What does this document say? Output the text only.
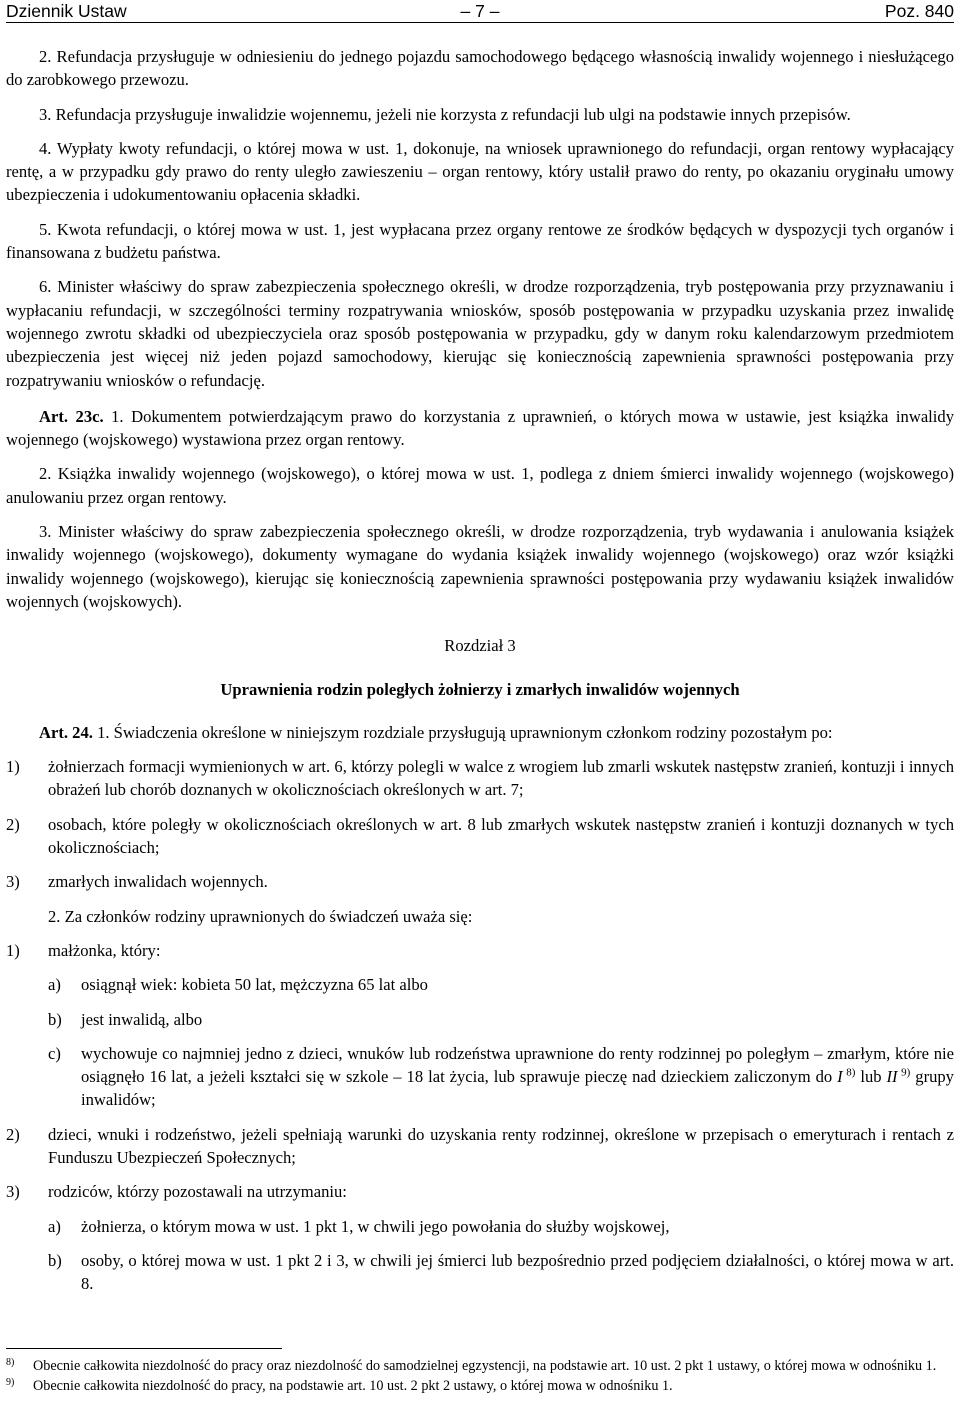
Dziennik Ustaw	– 7 –	Poz. 840

2. Refundacja przysługuje w odniesieniu do jednego pojazdu samochodowego będącego własnością inwalidy wojennego i niesłużącego do zarobkowego przewozu.

3. Refundacja przysługuje inwalidzie wojennemu, jeżeli nie korzysta z refundacji lub ulgi na podstawie innych przepisów.

4. Wypłaty kwoty refundacji, o której mowa w ust. 1, dokonuje, na wniosek uprawnionego do refundacji, organ rentowy wypłacający rentę, a w przypadku gdy prawo do renty uległo zawieszeniu – organ rentowy, który ustalił prawo do renty, po okazaniu oryginału umowy ubezpieczenia i udokumentowaniu opłacenia składki.

5. Kwota refundacji, o której mowa w ust. 1, jest wypłacana przez organy rentowe ze środków będących w dyspozycji tych organów i finansowana z budżetu państwa.

6. Minister właściwy do spraw zabezpieczenia społecznego określi, w drodze rozporządzenia, tryb postępowania przy przyznawaniu i wypłacaniu refundacji, w szczególności terminy rozpatrywania wniosków, sposób postępowania w przypadku uzyskania przez inwalidę wojennego zwrotu składki od ubezpieczyciela oraz sposób postępowania w przypadku, gdy w danym roku kalendarzowym przedmiotem ubezpieczenia jest więcej niż jeden pojazd samochodowy, kierując się koniecznością zapewnienia sprawności postępowania przy rozpatrywaniu wniosków o refundację.

Art. 23c. 1. Dokumentem potwierdzającym prawo do korzystania z uprawnień, o których mowa w ustawie, jest książka inwalidy wojennego (wojskowego) wystawiona przez organ rentowy.

2. Książka inwalidy wojennego (wojskowego), o której mowa w ust. 1, podlega z dniem śmierci inwalidy wojennego (wojskowego) anulowaniu przez organ rentowy.

3. Minister właściwy do spraw zabezpieczenia społecznego określi, w drodze rozporządzenia, tryb wydawania i anulowania książek inwalidy wojennego (wojskowego), dokumenty wymagane do wydania książek inwalidy wojennego (wojskowego) oraz wzór książki inwalidy wojennego (wojskowego), kierując się koniecznością zapewnienia sprawności postępowania przy wydawaniu książek inwalidów wojennych (wojskowych).

Rozdział 3

Uprawnienia rodzin poległych żołnierzy i zmarłych inwalidów wojennych

Art. 24. 1. Świadczenia określone w niniejszym rozdziale przysługują uprawnionym członkom rodziny pozostałym po:

1)	żołnierzach formacji wymienionych w art. 6, którzy polegli w walce z wrogiem lub zmarli wskutek następstw zranień, kontuzji i innych obrażeń lub chorób doznanych w okolicznościach określonych w art. 7;
2)	osobach, które poległy w okolicznościach określonych w art. 8 lub zmarłych wskutek następstw zranień i kontuzji doznanych w tych okolicznościach;
3)	zmarłych inwalidach wojennych.

2. Za członków rodziny uprawnionych do świadczeń uważa się:

1)	małżonka, który:
a)	osiągnął wiek: kobieta 50 lat, mężczyzna 65 lat albo
b)	jest inwalidą, albo
c)	wychowuje co najmniej jedno z dzieci, wnuków lub rodzeństwa uprawnione do renty rodzinnej po poległym – zmarłym, które nie osiągnęło 16 lat, a jeżeli kształci się w szkole – 18 lat życia, lub sprawuje pieczę nad dzieckiem zaliczonym do I $^{8)}$ lub II $^{9)}$ grupy inwalidów;
2)	dzieci, wnuki i rodzeństwo, jeżeli spełniają warunki do uzyskania renty rodzinnej, określone w przepisach o emeryturach i rentach z Funduszu Ubezpieczeń Społecznych;
3)	rodziców, którzy pozostawali na utrzymaniu:
a)	żołnierza, o którym mowa w ust. 1 pkt 1, w chwili jego powołania do służby wojskowej,
b)	osoby, o której mowa w ust. 1 pkt 2 i 3, w chwili jej śmierci lub bezpośrednio przed podjęciem działalności, o której mowa w art. 8.
8)	Obecnie całkowita niezdolność do pracy oraz niezdolność do samodzielnej egzystencji, na podstawie art. 10 ust. 2 pkt 1 ustawy, o której mowa w odnośniku 1.
9)	Obecnie całkowita niezdolność do pracy, na podstawie art. 10 ust. 2 pkt 2 ustawy, o której mowa w odnośniku 1.
